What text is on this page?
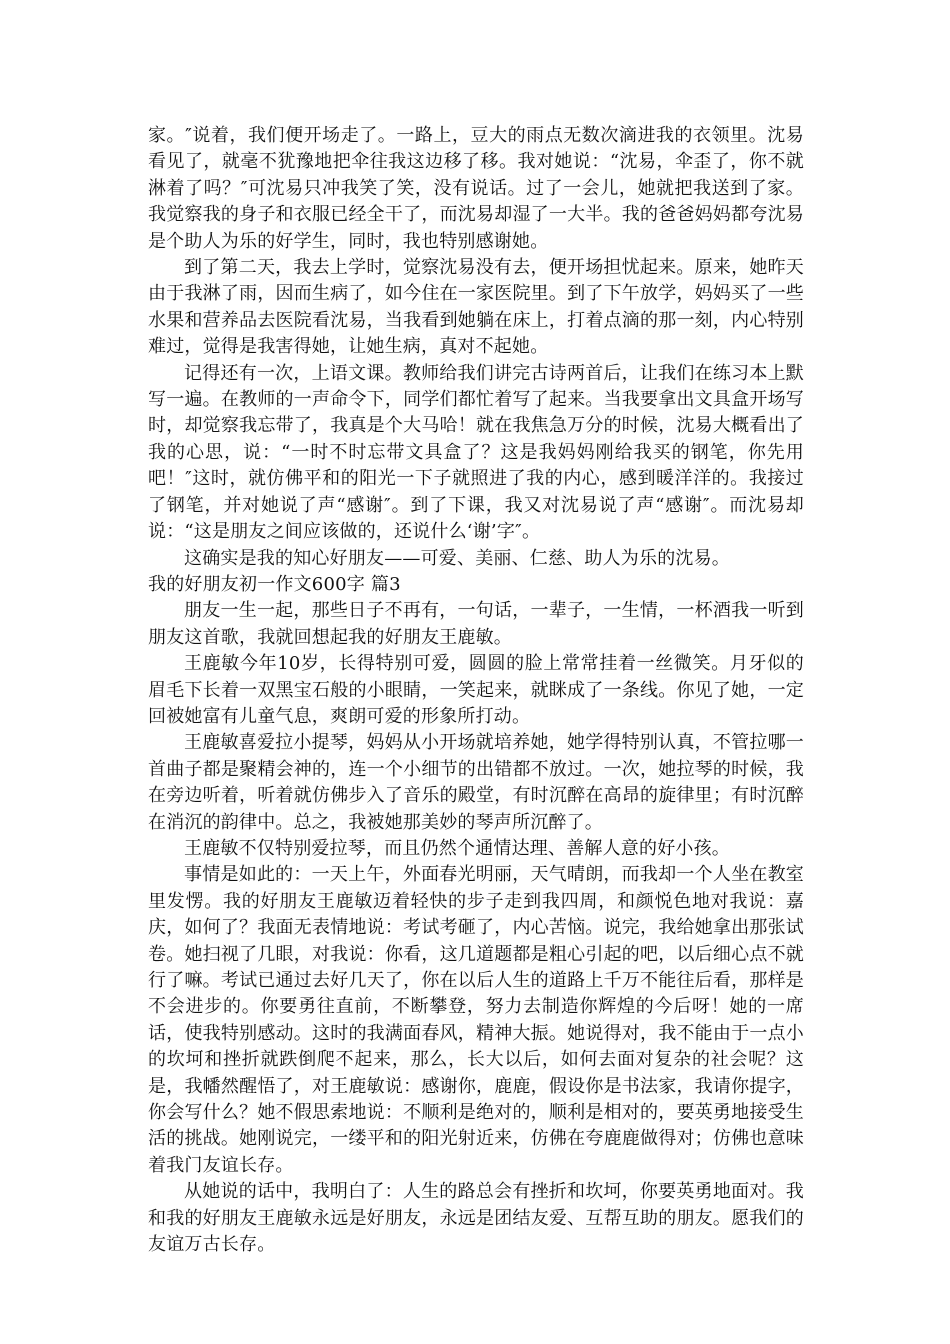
家。″说着，我们便开场走了。一路上，豆大的雨点无数次滴进我的衣领里。沈易看见了，就毫不犹豫地把伞往我这边移了移。我对她说：“沈易，伞歪了，你不就淋着了吗？″可沈易只冲我笑了笑，没有说话。过了一会儿，她就把我送到了家。我觉察我的身子和衣服已经全干了，而沈易却湿了一大半。我的爸爸妈妈都夸沈易是个助人为乐的好学生，同时，我也特别感谢她。

到了第二天，我去上学时，觉察沈易没有去，便开场担忧起来。原来，她昨天由于我淋了雨，因而生病了，如今住在一家医院里。到了下午放学，妈妈买了一些水果和营养品去医院看沈易，当我看到她躺在床上，打着点滴的那一刻，内心特别难过，觉得是我害得她，让她生病，真对不起她。

记得还有一次，上语文课。教师给我们讲完古诗两首后，让我们在练习本上默写一遍。在教师的一声命令下，同学们都忙着写了起来。当我要拿出文具盒开场写时，却觉察我忘带了，我真是个大马哈！就在我焦急万分的时候，沈易大概看出了我的心思，说：“一时不时忘带文具盒了？这是我妈妈刚给我买的钢笔，你先用吧！″这时，就仿佛平和的阳光一下子就照进了我的内心，感到暖洋洋的。我接过了钢笔，并对她说了声“感谢″。到了下课，我又对沈易说了声“感谢″。而沈易却说：“这是朋友之间应该做的，还说什么‘谢’字″。

这确实是我的知心好朋友——可爱、美丽、仁慈、助人为乐的沈易。

我的好朋友初一作文600字 篇3

朋友一生一起，那些日子不再有，一句话，一辈子，一生情，一杯酒我一听到朋友这首歌，我就回想起我的好朋友王鹿敏。

王鹿敏今年10岁，长得特别可爱，圆圆的脸上常常挂着一丝微笑。月牙似的眉毛下长着一双黑宝石般的小眼睛，一笑起来，就眯成了一条线。你见了她，一定回被她富有儿童气息，爽朗可爱的形象所打动。

王鹿敏喜爱拉小提琴，妈妈从小开场就培养她，她学得特别认真，不管拉哪一首曲子都是聚精会神的，连一个小细节的出错都不放过。一次，她拉琴的时候，我在旁边听着，听着就仿佛步入了音乐的殿堂，有时沉醉在高昂的旋律里；有时沉醉在消沉的韵律中。总之，我被她那美妙的琴声所沉醉了。

王鹿敏不仅特别爱拉琴，而且仍然个通情达理、善解人意的好小孩。

事情是如此的：一天上午，外面春光明丽，天气晴朗，而我却一个人坐在教室里发愣。我的好朋友王鹿敏迈着轻快的步子走到我四周，和颜悦色地对我说：嘉庆，如何了？我面无表情地说：考试考砸了，内心苦恼。说完，我给她拿出那张试卷。她扫视了几眼，对我说：你看，这几道题都是粗心引起的吧，以后细心点不就行了嘛。考试已通过去好几天了，你在以后人生的道路上千万不能往后看，那样是不会进步的。你要勇往直前，不断攀登，努力去制造你辉煌的今后呀！她的一席话，使我特别感动。这时的我满面春风，精神大振。她说得对，我不能由于一点小的坎坷和挫折就跌倒爬不起来，那么，长大以后，如何去面对复杂的社会呢？这是，我幡然醒悟了，对王鹿敏说：感谢你，鹿鹿，假设你是书法家，我请你提字，你会写什么？她不假思索地说：不顺利是绝对的，顺利是相对的，要英勇地接受生活的挑战。她刚说完，一缕平和的阳光射近来，仿佛在夸鹿鹿做得对；仿佛也意味着我门友谊长存。

从她说的话中，我明白了：人生的路总会有挫折和坎坷，你要英勇地面对。我和我的好朋友王鹿敏永远是好朋友，永远是团结友爱、互帮互助的朋友。愿我们的友谊万古长存。
